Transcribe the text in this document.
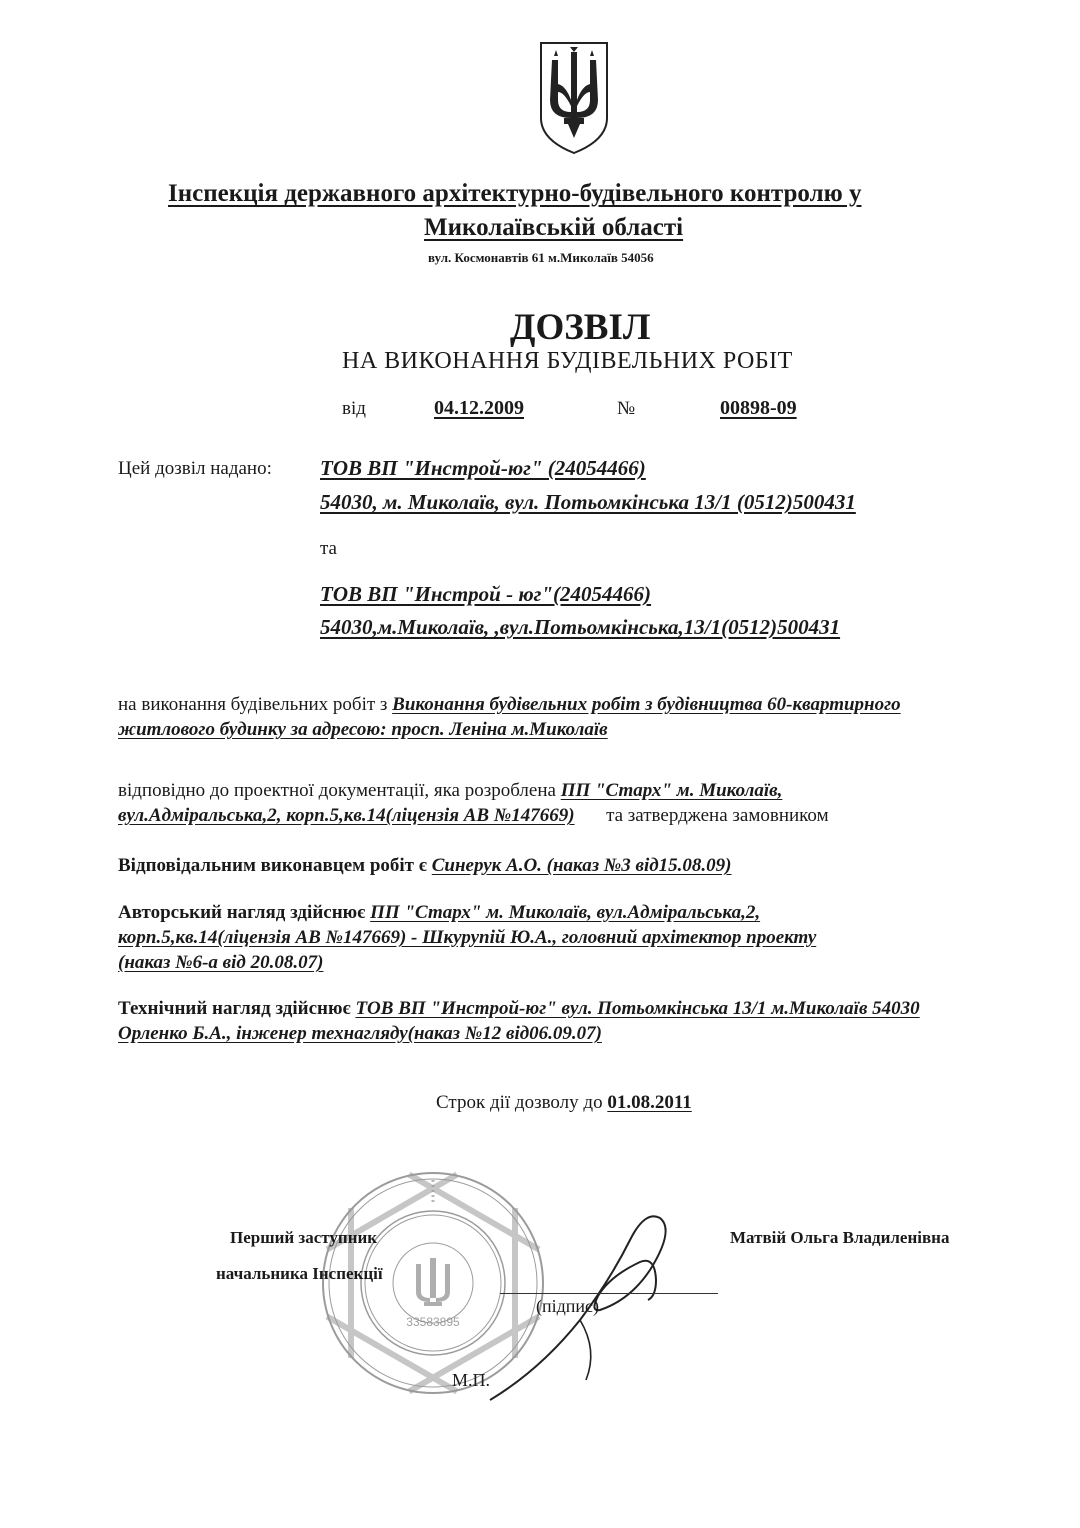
Інспекція державного архітектурно-будівельного контролю у
Миколаївській області
вул. Космонавтів 61 м.Миколаїв 54056
ДОЗВІЛ
НА ВИКОНАННЯ БУДІВЕЛЬНИХ РОБІТ
від	04.12.2009	№	00898-09
Цей дозвіл надано: ТОВ ВП "Инстрой-юг" (24054466)
54030, м. Миколаїв, вул. Потьомкінська 13/1 (0512)500431
та
ТОВ ВП "Инстрой - юг"(24054466)
54030,м.Миколаїв, ,вул.Потьомкінська,13/1(0512)500431
на виконання будівельних робіт з Виконання будівельних робіт з будівництва 60-квартирного
житлового будинку за адресою: просп. Леніна м.Миколаїв
відповідно до проектної документації, яка розроблена ПП "Старх" м. Миколаїв,
вул.Адміральська,2, корп.5,кв.14(ліцензія АВ №147669) та затверджена замовником
Відповідальним виконавцем робіт є Синерук А.О. (наказ №3 від15.08.09)
Авторський нагляд здійснює ПП "Старх" м. Миколаїв, вул.Адміральська,2,
корп.5,кв.14(ліцензія АВ №147669) - Шкурупій Ю.А., головний архітектор проекту
(наказ №6-а від 20.08.07)
Технічний нагляд здійснює ТОВ ВП "Инстрой-юг" вул. Потьомкінська 13/1 м.Миколаїв 54030
Орленко Б.А., інженер технагляду(наказ №12 від06.09.07)
Строк дії дозволу до 01.08.2011
33583895
Перший заступник
начальника Інспекції
(підпис)
Матвій Ольга Владиленівна
М.П.
